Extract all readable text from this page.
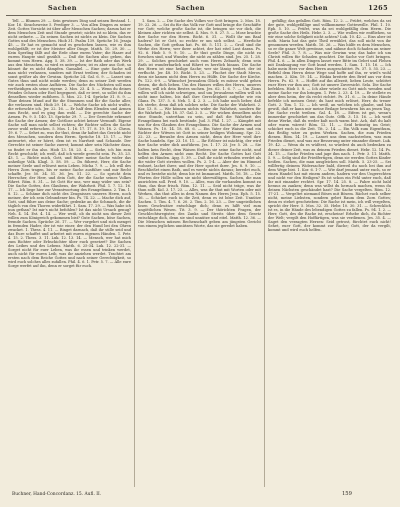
Sachen	Sachen	Sachen	1265

Tell. — Blumen 29. — Sein gewisses Ding und seinen Bestand. 1. Kor. 16. Sirachsweise 5. Prediger 3. — Von allen Dingen zu seiner Zeit. Gottes Vorsicht ist über aller Menschen Sachen; darum hat er dem Menschen Zeit und Stunde gesetzt; nichts ist so klein, das er nicht ordnete. — Zu seinen Sachen ist nichts zu klein. Die Sachen Gottes und des Menschen. Hiob 31. Psalm 139. Sprüche 16. Jesaja 45. — Er hat es gemacht und es geschehen lassen, wie es ihm wohlgefällt; er ist der Meister aller Dinge. Matth. 10. 29. 30. — Kein Sperling fällt auf die Erde ohne euren Vater; die Haare auf eurem Haupte sind gezählt. — Daß die Sachen also gehen, das kommt vom Herrn. Apg. 5. 38. 39. — Ist der Rath oder das Werk aus den Menschen, so wird es untergehen; ist es aber aus Gott, so könnet ihr es nicht dämpfen. Gamaliel. — Eine gute Sache soll man nicht verlassen, sondern mit Ernst treiben; der Schaden ist sonst größer als der Gewinn. Sprüche 24. Gal. 6. 9. — Lasset uns Gutes thun und nicht müde werden; denn zu seiner Zeit werden wir auch ernten ohne Aufhören. Die Sache des Nächsten soll man vertheidigen als seine eigene. 2. Mos. 23. 4. 5. — Wenn du deines Feindes Ochsen oder Esel begegnest, daß er irret, so sollst du ihm denselben wieder zuführen. 5. Mos. 22. 1-4. Sprüche 31. 8. 9. — Thue deinen Mund auf für die Stummen und für die Sache aller, die verlassen sind. Hiob 29. 16. — Welche Sache ich nicht wußte, die erforschte ich. Jer. 22. 16. — Er half dem Elenden und Armen zum Recht, und es ging ihm wohl. — Die gerechte Sache der Armen. Ps. 9. 5. 140. 13. Sprüche 29. 7. — Der Gerechte erkennet die Sache der Armen; der Gottlose achtet keiner Vernunft. Eigene Sache soll man nicht selbst richten; die Richter sollen die Sache zuvor wohl erforschen. 5. Mos. 1. 16. 17. 17. 8. 19. 18. 2. Chron. 19. 6. 7. — Sehet zu, was ihr thut, denn ihr haltet das Gericht nicht den Menschen, sondern dem Herrn. Sprüche 18. 13. 17. — Wer antwortet, ehe er höret, dem ist es Narrheit und Schande. Der Gerechte ist seiner Sache zuerst; kommt aber sein Nächster dazu, so findet er ihn also. Hiob 13. 18. 23. 4. — Siehe, ich bin zum Recht geschickt; ich weiß, daß ich werde gerecht sein. Ps. 35. 23. 43. 1. — Richte mich, Gott, und führe meine Sache wider das unheilige Volk. Klagl. 3. 58. 59. — Du führest, Herr, die Sache meiner Seele und erlösest mein Leben. Micha 7. 9. — Ich will des Herrn Zorn tragen, bis er meine Sache ausführe und mir Recht schaffe. Jer. 50. 34. 51. 36. Jes. 51. 22. — So spricht dein Herrscher, der Herr, und dein Gott, der die Sache seines Volkes führet. Röm. 8. 31. — Ist Gott für uns, wer mag wider uns sein? Die Sache Gottes, des Glaubens, der Wahrheit. Phil. 1. 7. 12. 16. 17. — Ich liege hier zur Verantwortung des Evangeliums. 2. Tim. 1. 8. 12. — Schäme dich nicht des Zeugnisses unseres Herrn, noch meiner, der ich sein Gebundener bin. Ps. 74. 22. — Mache dich auf, Gott, und führe aus deine Sache; gedenke an die Schmach, die dir täglich von den Thoren widerfährt. 1. Sam. 17. 29. — Was habe ich nun gethan? Ist mir's nicht befohlen? Ist das nicht Ursach genug? Neh. 4. 14. Est. 4. 14. — Wer weiß, ob du nicht um dieser Zeit willen zum Königreich gekommen bist? Gute Sachen, böse Sachen, fremde Sachen. Sprüche 26. 17. — Wer vorgehet und sich menget in fremden Hader, der ist wie einer, der den Hund bei den Ohren zwacket. 1. Thess. 4. 11. — Ringet darnach, daß ihr stille seid und das Eure schaffet und arbeitet mit euren eigenen Händen. 1. Petr. 4. 15. 2. Thess. 3. 11. Luk. 12. 13. 14. — Mensch, wer hat mich zum Richter oder Erbschichter über euch gesetzet? Die Sachen des Leibes und des Lebens. Matth. 6. 25-34. Luk. 12. 22-31. — Sorget nicht für euer Leben, was ihr essen und trinken werdet, auch nicht für euren Leib, was ihr anziehen werdet. Trachtet am ersten nach dem Reiche Gottes und nach seiner Gerechtigkeit, so wird euch solches alles zufallen. Phil. 4. 6. 1. Petr. 5. 7. — Alle eure Sorge werfet auf ihn, denn er sorget für euch.

1. Sam. 2. — Die Sache des Volkes vor Gott bringen. 2. Mos. 18. 19. 22. 26. — Sei du für das Volk vor Gott und bringe die Geschäfte vor Gott; welche große Sache ist, die bringen sie vor dich, die kleinen aber richten sie selbst. 4. Mos. 9. 8. 27. 5. — Mose brachte ihre Sache vor den Herrn. Richt. 6. 31. — Wollt ihr um Baal hadern? Ist er Gott, so rechte er um sich selbst. — Herrliche Sachen, die Gott gethan hat. Ps. 66. 5. 111. 2. — Groß sind die Werke des Herrn; wer ihrer achtet, der hat eitel Lust daran. Ps. 92. 6. Hiob 5. 9. 9. 10. — Er thut große Dinge, die nicht zu forschen sind, und Wunder, die nicht zu zählen sind. Jes. 25. 1. 28. 29. — Solches geschiehet auch vom Herrn Zebaoth; denn sein Rath ist wunderbarlich und führet es herrlich hinaus. Die Sache des Herrn ist eine heilige Sache; wer sie lässig treibet, der ist verflucht. Jer. 48. 10. Richt. 5. 23. — Fluchet der Stadt Meros, denn sie kamen nicht dem Herrn zu Hülfe. Die Sache der Kirche. Ps. 122. 6-9. — Wünschet Jerusalem Glück; es müsse wohl gehen denen, die dich lieben. Um des Hauses willen des Herrn, unseres Gottes, will ich dein Bestes suchen. Jes. 62. 1. 6. 7. — Um Zions willen will ich nicht schweigen, und um Jerusalems willen will ich nicht inne halten, bis daß ihre Gerechtigkeit aufgehe wie ein Glanz. Ps. 137. 5. 6. Neh. 1. 4. 2. 3. — Ich habe noch lieber, daß ich sterbe, denn daß ich solches sehe. Die Sache der Wahrheit. 2. Kor. 13. 8. — Wir können nichts wider die Wahrheit, sondern für die Wahrheit. Joh. 18. 37. Gal. 2. 5. — Wir wichen denselben nicht eine Stunde, unterthan zu sein, auf daß die Wahrheit des Evangeliums bei euch bestünde. Jud. 3. Phil. 1. 27. — Kämpfet mit uns für den Glauben des Evangeliums. Die Sache der Armen und Waisen. Ps. 10. 14. 18. 68. 6. — Ein Vater der Waisen und ein Richter der Witwen ist Gott in seiner heiligen Wohnung. Spr. 22. 22. 23. — Beraube den Armen nicht, denn der Herr wird ihre Sache handeln. Spr. 23. 10. 11. — Ihr Erlöser ist mächtig, der wird ihre Sache wider dich ausführen. Jes. 1. 17. 23. Jer. 5. 28. — Sie halten kein Recht, dem Waisen fördern sie seine Sache nicht, und helfen den Armen nicht zum Recht. Die Sache Gottes hat Gott selbst in Händen. Apg. 5. 39. — Daß ihr nicht erfunden werdet als die wider Gott streiten wollen. Ps. 2. 1-4. — Aber der im Himmel wohnet, lachet ihrer, und der Herr spottet ihrer. Jes. 8. 9. 10. — Beschließet einen Rath, und es werde nichts daraus; beredet euch, und es bestehe nicht; denn hie ist Immanuel. Matth. 16. 18. — Die Pforten der Hölle sollen sie nicht überwältigen. Sachen, die man ausrichten soll. Pred. 9. 10. — Alles, was dir vorhanden kommt zu thun, das thue frisch. Röm. 12. 11. — Seid nicht träge, was ihr thun sollt. Kol. 3. 17. 23. — Alles, was ihr thut mit Worten oder mit Werken, das thut alles in dem Namen des Herrn Jesu. Eph. 5. 15. 16. — Schicket euch in die Zeit, denn es ist böse Zeit. Unnütze Sachen. 1. Tim. 4. 7. 6. 20. 2. Tim. 2. 16. 23. — Der ungeistlichen losen Geschwätze entschlage dich; denn es hilft viel zum ungöttlichen Wesen. Tit. 3. 9. — Der thörichten Fragen, der Geschlechtsregister, des Zanks und Streits über dem Gesetz entschlage dich, denn sie sind unnütze und eitel. Matth. 12. 36. — Die Menschen müssen Rechenschaft geben am jüngsten Gericht von einem jeglichen unnützen Worte, das sie geredet haben.

gefällig; das gefallen Gott. Röm. 12. 2. — Prüfet, welches da sei der gute, wohlgefällige und vollkommene Gotteswille. Phil. 1. 10. Eph. 5. 10. — Prüfet, was da sei wohlgefällig dem Herrn. Die große Sache des Heils. Hebr. 2. 3. — Wie wollen wir entfliehen, so wir eine solche Seligkeit nicht achten? Luk. 10. 42. — Eins aber ist noth. Maria hat das gute Theil erwählet, das soll nicht von ihr genommen werden. Matth. 16. 26. — Was hülfe es dem Menschen, so er die ganze Welt gewönne, und nähme doch Schaden an seiner Seele? Phil. 3. 7. 8. — Was mir Gewinn war, das habe ich um Christi willen für Schaden geachtet. Die Sache vor Gott bringen. Phil. 4. 6. — In allen Dingen lasset eure Bitte im Gebet und Flehen mit Danksagung vor Gott kund werden. 1. Sam. 1. 15. 16. — Ich habe mein Herz vor dem Herrn ausgeschüttet. Ps. 37. 5. 55. 23. — Befiehl dem Herrn deine Wege und hoffe auf ihn, er wird's wohl machen. 2. Kön. 19. 14. — Hiskia breitete den Brief aus vor dem Herrn. Ps. 62. 9. — Hoffet auf ihn allezeit, lieben Leute, schüttet euer Herz vor ihm aus; Gott ist unsere Zuversicht. Sela. Die Sache befehlen. Hiob 5. 8. — Ich aber würde zu Gott mich wenden und meine Sache vor ihn bringen. 1. Petr. 2. 23. 4. 19. — Er stellete es aber dem heim, der da recht richtet. Ps. 31. 6. — In deine Hände befehle ich meinen Geist; du hast mich erlöset, Herr, du treuer Gott. 2. Tim. 1. 12. — Ich weiß, an welchen ich glaube, und bin gewiß, daß er kann mir meine Beilage bewahren bis an jenen Tag. Die Sache recht treiben. Gal. 4. 18. — Eifern ist gut, wenn's immerdar geschiehet um das Gute. Offb. 3. 15. 16. — Ich weiß deine Werke, daß du weder kalt noch warm bist. Ach, daß du kalt oder warm wärest! Röm. 12. 11. — Seid brünstig im Geist; schicket euch in die Zeit. Tit. 2. 14. — Ein Volk zum Eigenthum, das fleißig wäre zu guten Werken. Sachen, die zum Frieden dienen. Röm. 14. 19. — Lasset uns dem nachstreben, was zum Frieden dienet, und was zur Besserung unter einander dienet. Luk. 19. 42. — Wenn du es wüßtest, so würdest du auch bedenken zu dieser deiner Zeit, was zu deinem Frieden dienet. Hebr. 12. 14. Ps. 34. 15. — Suche Frieden und jage ihm nach. 1. Petr. 3. 11. Matth. 5. 9. — Selig sind die Friedfertigen, denn sie werden Gottes Kinder heißen. Sachen, die man ausgleichen soll. Matth. 5. 23-25. — Sei willfertig deinem Widersacher bald, dieweil du noch bei ihm auf dem Wege bist. 1. Kor. 6. 1-7. — Wie darf jemand unter euch, so er einen Handel hat mit einem andern, hadern vor den Ungerechten und nicht vor den Heiligen? Es ist schon ein Fehl unter euch, daß ihr mit einander rechtet. Spr. 17. 14. 25. 8. — Fahre nicht bald heraus zu zanken; denn was willst du hernach machen, wenn du deinen Nächsten geschändet hast? Die Sache vergelten. Röm. 12. 17-21. — Vergeltet niemand Böses mit Bösem. Rächet euch selber nicht, meine Liebsten, sondern gebet Raum dem Zorn Gottes; denn es stehet geschrieben: Die Rache ist mein, ich will vergelten, spricht der Herr. 5. Mos. 32. 35. Hebr. 10. 30. 31. — Schrecklich ist es, in die Hände des lebendigen Gottes zu fallen. Ps. 94. 1. 2. — Herr, Gott, des die Rache ist, erscheine! Erhebe dich, du Richter der Welt; vergilt den Hoffärtigen, was sie verdienen. Jes. 35. 4. — Saget den verzagten Herzen: Seid getrost, fürchtet euch nicht! Sehet, euer Gott, der kommt zur Rache; Gott, der da vergilt, kommt und wird euch helfen.

Buchner, Hand-Concordanz. 15. Aufl. II.	159
